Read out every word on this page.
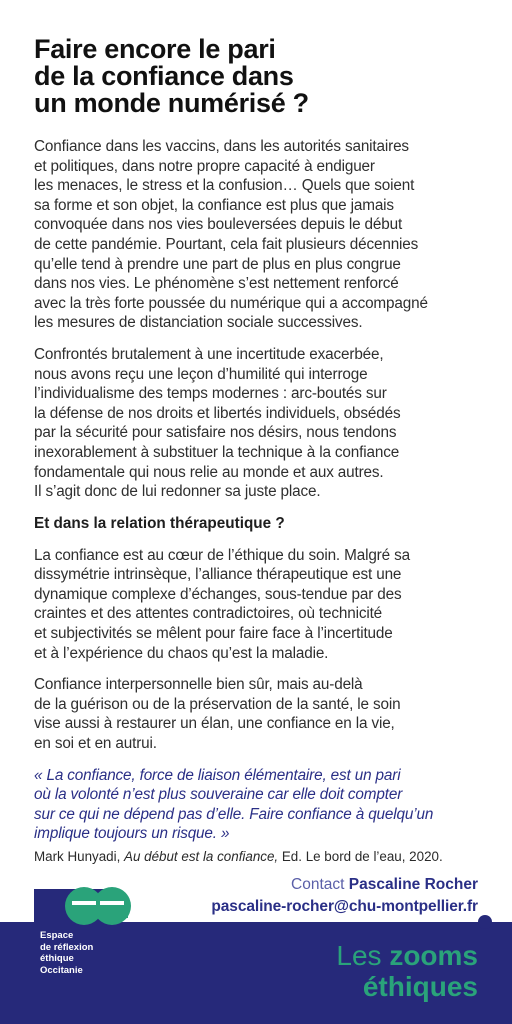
Faire encore le pari
de la confiance dans
un monde numérisé ?

Confiance dans les vaccins, dans les autorités sanitaires
et politiques, dans notre propre capacité à endiguer
les menaces, le stress et la confusion… Quels que soient
sa forme et son objet, la confiance est plus que jamais
convoquée dans nos vies bouleversées depuis le début
de cette pandémie. Pourtant, cela fait plusieurs décennies
qu’elle tend à prendre une part de plus en plus congrue
dans nos vies. Le phénomène s’est nettement renforcé
avec la très forte poussée du numérique qui a accompagné
les mesures de distanciation sociale successives.

Confrontés brutalement à une incertitude exacerbée,
nous avons reçu une leçon d’humilité qui interroge
l’individualisme des temps modernes : arc-boutés sur
la défense de nos droits et libertés individuels, obsédés
par la sécurité pour satisfaire nos désirs, nous tendons
inexorablement à substituer la technique à la confiance
fondamentale qui nous relie au monde et aux autres.
Il s’agit donc de lui redonner sa juste place.

Et dans la relation thérapeutique ?

La confiance est au cœur de l’éthique du soin. Malgré sa
dissymétrie intrinsèque, l’alliance thérapeutique est une
dynamique complexe d’échanges, sous-tendue par des
craintes et des attentes contradictoires, où technicité
et subjectivités se mêlent pour faire face à l’incertitude
et à l’expérience du chaos qu’est la maladie.

Confiance interpersonnelle bien sûr, mais au-delà
de la guérison ou de la préservation de la santé, le soin
vise aussi à restaurer un élan, une confiance en la vie,
en soi et en autrui.

« La confiance, force de liaison élémentaire, est un pari
où la volonté n’est plus souveraine car elle doit compter
sur ce qui ne dépend pas d’elle. Faire confiance à quelqu’un
implique toujours un risque. »
Mark Hunyadi, Au début est la confiance, Ed. Le bord de l’eau, 2020.
Contact Pascaline Rocher
pascaline-rocher@chu-montpellier.fr
Espace
de réflexion
éthique
Occitanie	Les zooms
éthiques
